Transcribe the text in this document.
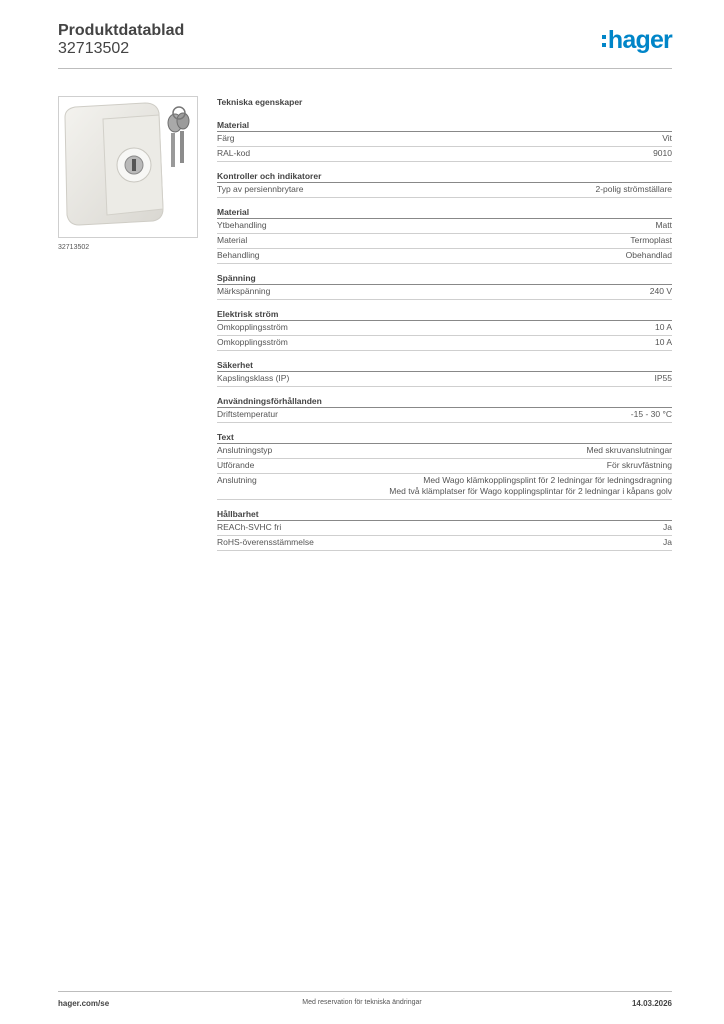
Produktdatablad
32713502	hager
32713502
Tekniska egenskaper
Material
Färg	Vit
RAL-kod	9010
Kontroller och indikatorer
Typ av persiennbrytare	2-polig strömställare
Material
Ytbehandling	Matt
Material	Termoplast
Behandling	Obehandlad
Spänning
Märkspänning	240 V
Elektrisk ström
Omkopplingsström	10 A
Omkopplingsström	10 A
Säkerhet
Kapslingsklass (IP)	IP55
Användningsförhållanden
Driftstemperatur	-15 - 30 °C
Text
Anslutningstyp	Med skruvanslutningar
Utförande	För skruvfästning
Anslutning	Med Wago klämkopplingsplint för 2 ledningar för ledningsdragning
Med två klämplatser för Wago kopplingsplintar för 2 ledningar i kåpans golv
Hållbarhet
REACh-SVHC fri	Ja
RoHS-överensstämmelse	Ja
hager.com/se	Med reservation för tekniska ändringar	14.03.2026
